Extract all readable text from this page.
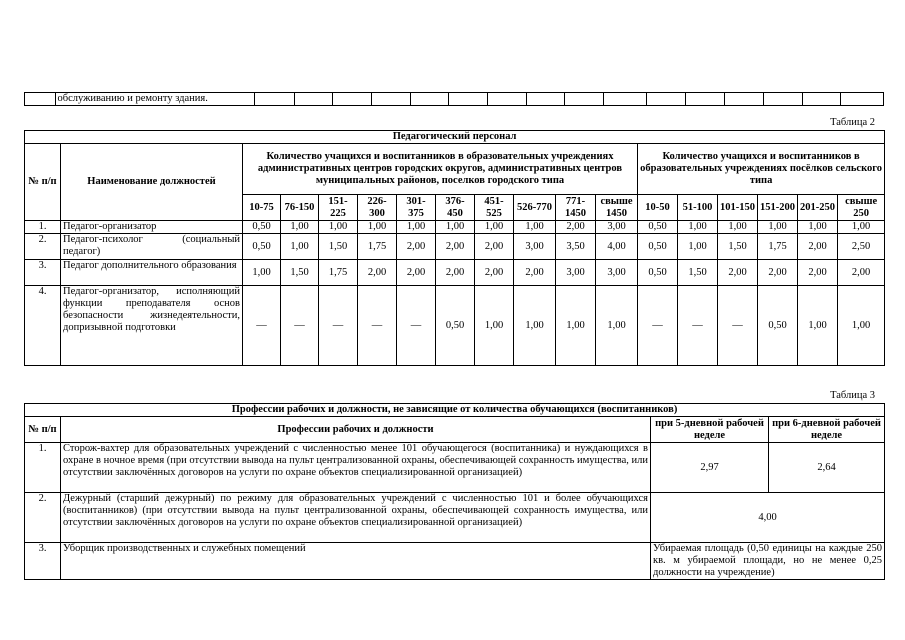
	обслуживанию и ремонту здания.																
Таблица 2
Педагогический персонал																	
№ п/п	Наименование должностей	Количество учащихся и воспитанников в образовательных учреждениях административных центров городских округов, административных центров муниципальных районов, поселков городского типа										Количество учащихся и воспитанников в образовательных учреждениях посёлков сельского типа					
		10-75	76-150	151-225	226-300	301-375	376-450	451-525	526-770	771-1450	свыше 1450	10-50	51-100	101-150	151-200	201-250	свыше 250
1.	Педагог-организатор	0,50	1,00	1,00	1,00	1,00	1,00	1,00	1,00	2,00	3,00	0,50	1,00	1,00	1,00	1,00	1,00
2.	Педагог-психолог (социальный педагог)	0,50	1,00	1,50	1,75	2,00	2,00	2,00	3,00	3,50	4,00	0,50	1,00	1,50	1,75	2,00	2,50
3.	Педагог дополнительного образования	1,00	1,50	1,75	2,00	2,00	2,00	2,00	2,00	3,00	3,00	0,50	1,50	2,00	2,00	2,00	2,00
4.	Педагог-организатор, исполняющий функции преподавателя основ безопасности жизнедеятельности, допризывной подготовки	—	—	—	—	—	0,50	1,00	1,00	1,00	1,00	—	—	—	0,50	1,00	1,00
Таблица 3
Профессии рабочих и должности, не зависящие от количества обучающихся (воспитанников)			
№ п/п	Профессии рабочих и должности	при 5-дневной рабочей неделе	при 6-дневной рабочей неделе
1.	Сторож-вахтер для образовательных учреждений с численностью менее 101 обучающегося (воспитанника) и нуждающихся в охране в ночное время (при отсутствии вывода на пульт централизованной охраны, обеспечивающей сохранность имущества, или отсутствии заключённых договоров на услуги по охране объектов специализированной организацией)	2,97	2,64
2.	Дежурный (старший дежурный) по режиму для образовательных учреждений с численностью 101 и более обучающихся (воспитанников) (при отсутствии вывода на пульт централизованной охраны, обеспечивающей сохранность имущества, или отсутствии заключённых договоров на услуги по охране объектов специализированной организацией)	4,00	
3.	Уборщик производственных и служебных помещений	Убираемая площадь (0,50 единицы на каждые 250 кв. м убираемой площади, но не менее 0,25 должности на учреждение)	
